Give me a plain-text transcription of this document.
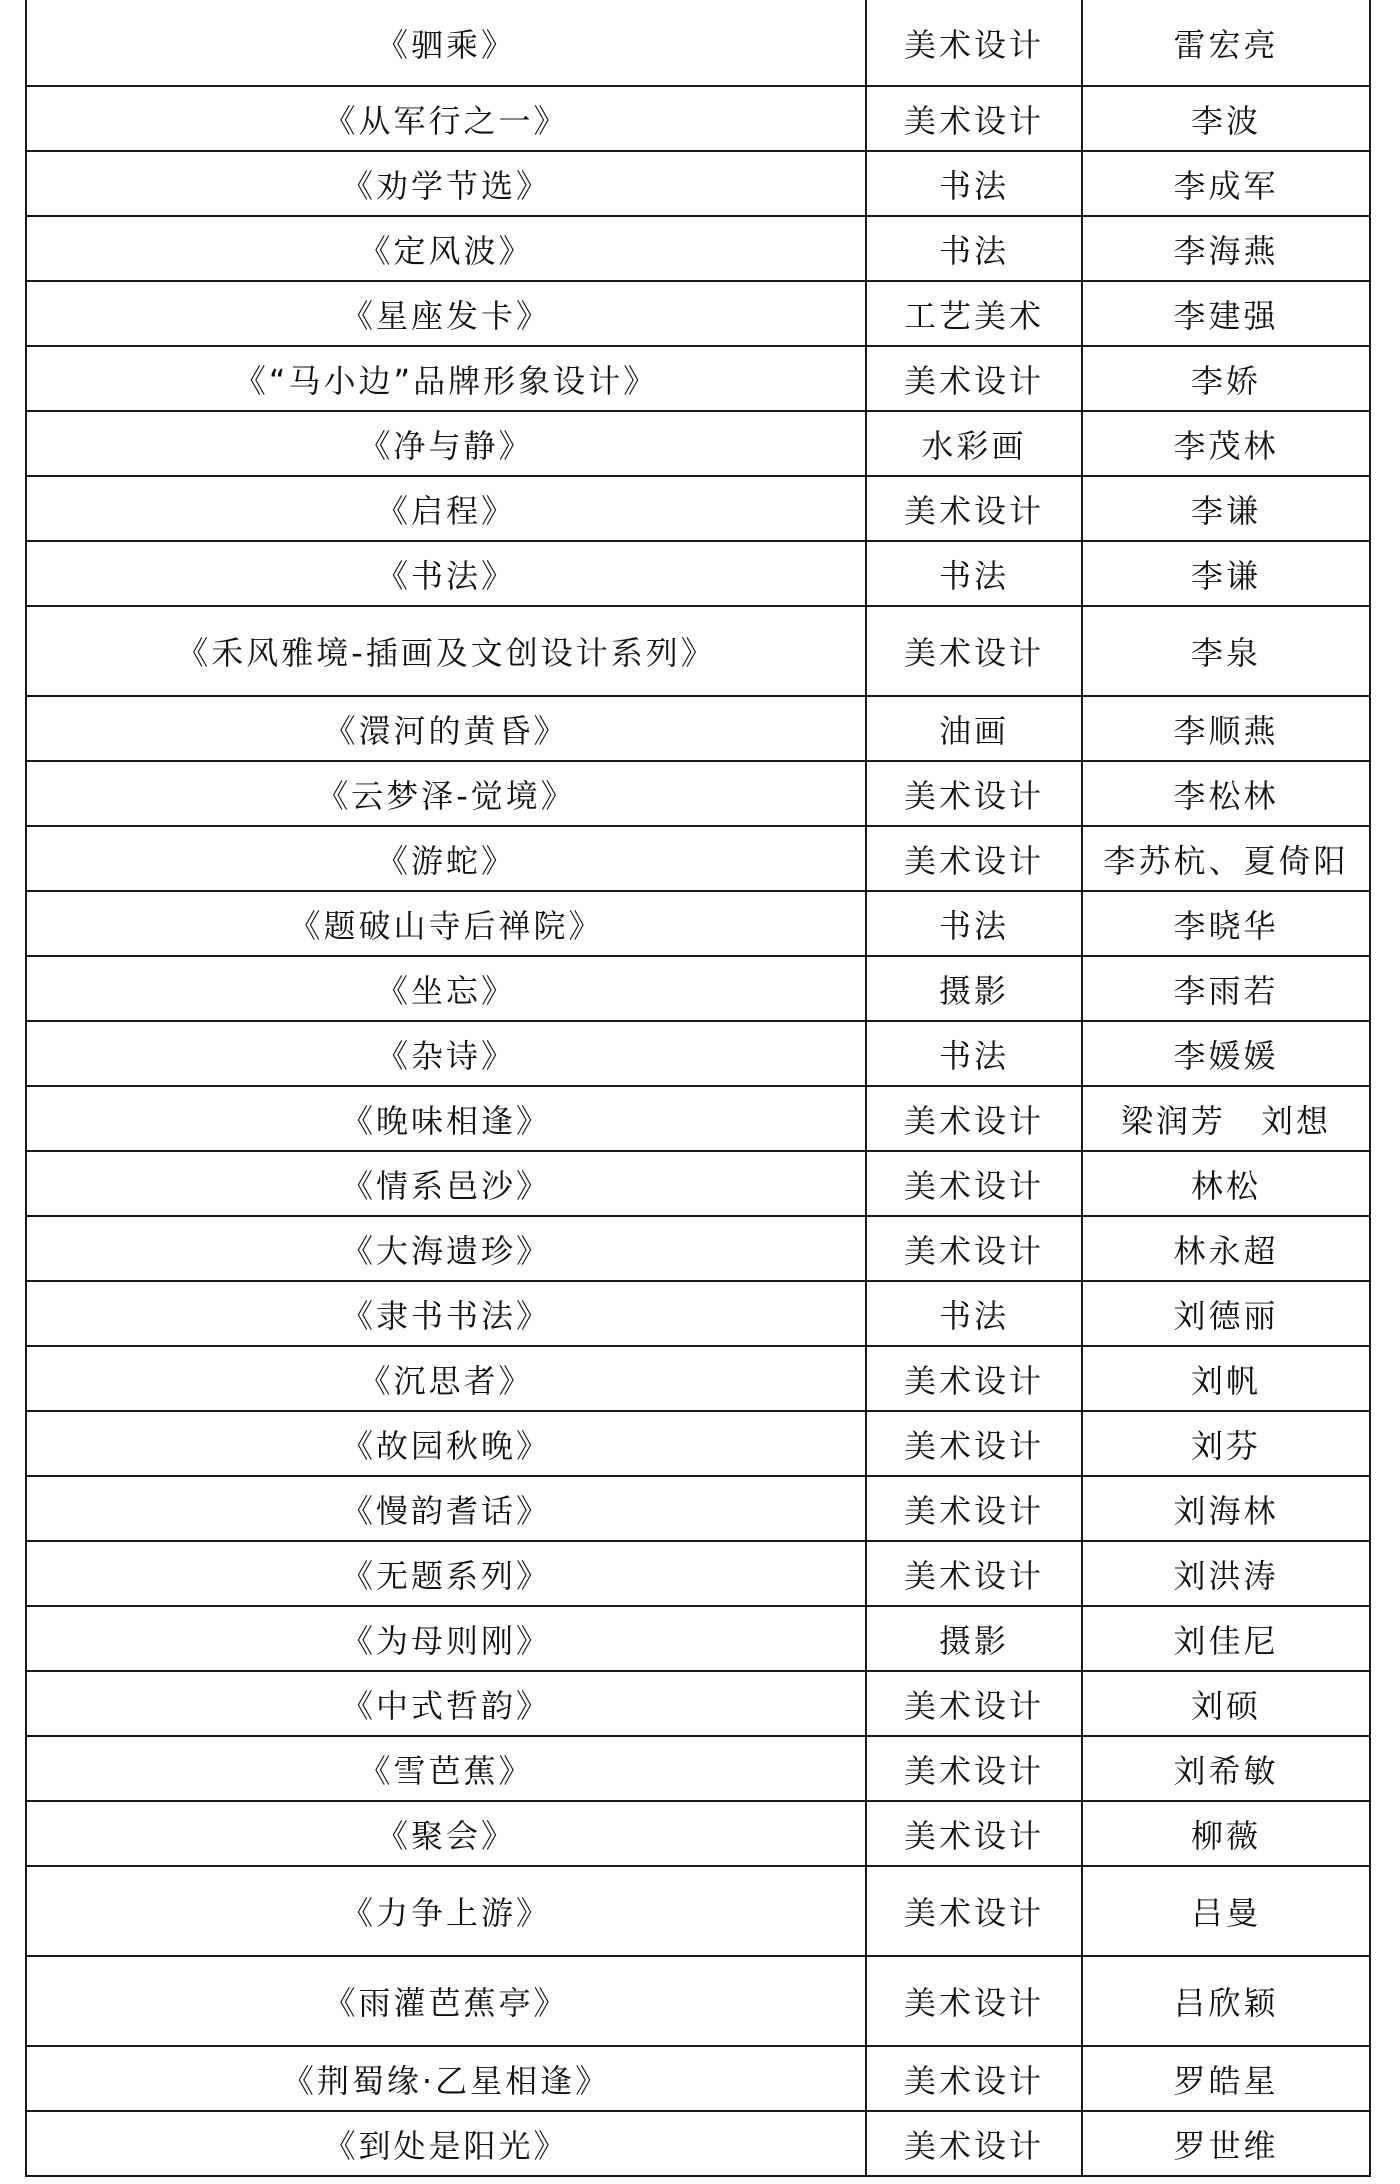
《驷乘》	美术设计	雷宏亮
《从军行之一》	美术设计	李波
《劝学节选》	书法	李成军
《定风波》	书法	李海燕
《星座发卡》	工艺美术	李建强
《“马小边”品牌形象设计》	美术设计	李娇
《净与静》	水彩画	李茂林
《启程》	美术设计	李谦
《书法》	书法	李谦
《禾风雅境-插画及文创设计系列》	美术设计	李泉
《澴河的黄昏》	油画	李顺燕
《云梦泽-觉境》	美术设计	李松林
《游蛇》	美术设计	李苏杭、夏倚阳
《题破山寺后禅院》	书法	李晓华
《坐忘》	摄影	李雨若
《杂诗》	书法	李媛媛
《晚味相逢》	美术设计	梁润芳　刘想
《情系邑沙》	美术设计	林松
《大海遗珍》	美术设计	林永超
《隶书书法》	书法	刘德丽
《沉思者》	美术设计	刘帆
《故园秋晚》	美术设计	刘芬
《慢韵耆话》	美术设计	刘海林
《无题系列》	美术设计	刘洪涛
《为母则刚》	摄影	刘佳尼
《中式哲韵》	美术设计	刘硕
《雪芭蕉》	美术设计	刘希敏
《聚会》	美术设计	柳薇
《力争上游》	美术设计	吕曼
《雨灌芭蕉亭》	美术设计	吕欣颖
《荆蜀缘·乙星相逢》	美术设计	罗皓星
《到处是阳光》	美术设计	罗世维
